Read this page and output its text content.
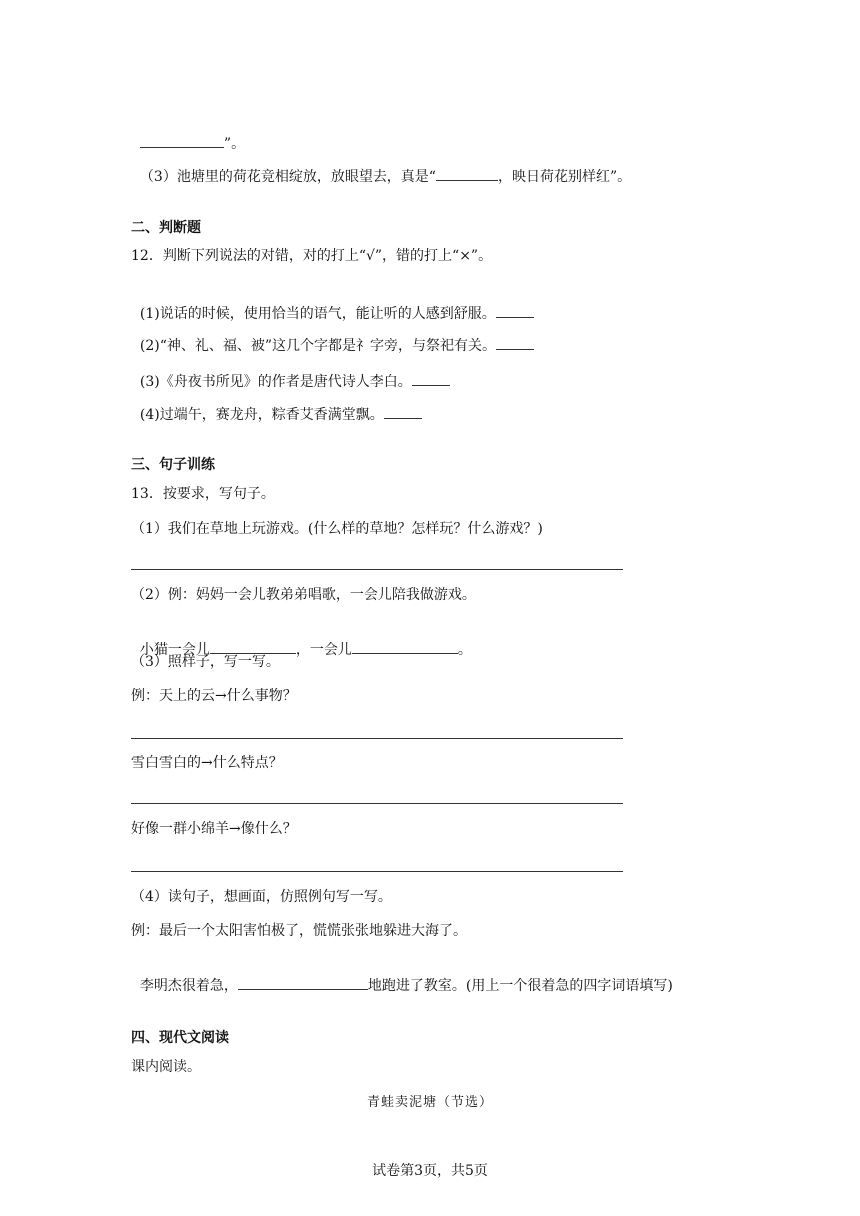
”。

（3）池塘里的荷花竞相绽放，放眼望去，真是“	，映日荷花别样红”。

二、判断题
12．判断下列说法的对错，对的打上“√”，错的打上“×”。

(1)说话的时候，使用恰当的语气，能让听的人感到舒服。

(2)“神、礼、福、被”这几个字都是礻字旁，与祭祀有关。

(3)《舟夜书所见》的作者是唐代诗人李白。

(4)过端午，赛龙舟，粽香艾香满堂飘。

三、句子训练
13．按要求，写句子。
（1）我们在草地上玩游戏。(什么样的草地？怎样玩？什么游戏？)
（2）例：妈妈一会儿教弟弟唱歌，一会儿陪我做游戏。

小猫一会儿	，一会儿	。

（3）照样子，写一写。
例：天上的云→什么事物？
雪白雪白的→什么特点？
好像一群小绵羊→像什么？
（4）读句子，想画面，仿照例句写一写。
例：最后一个太阳害怕极了，慌慌张张地躲进大海了。

李明杰很着急，	地跑进了教室。(用上一个很着急的四字词语填写)

四、现代文阅读
课内阅读。
青蛙卖泥塘（节选）
试卷第3页，共5页
